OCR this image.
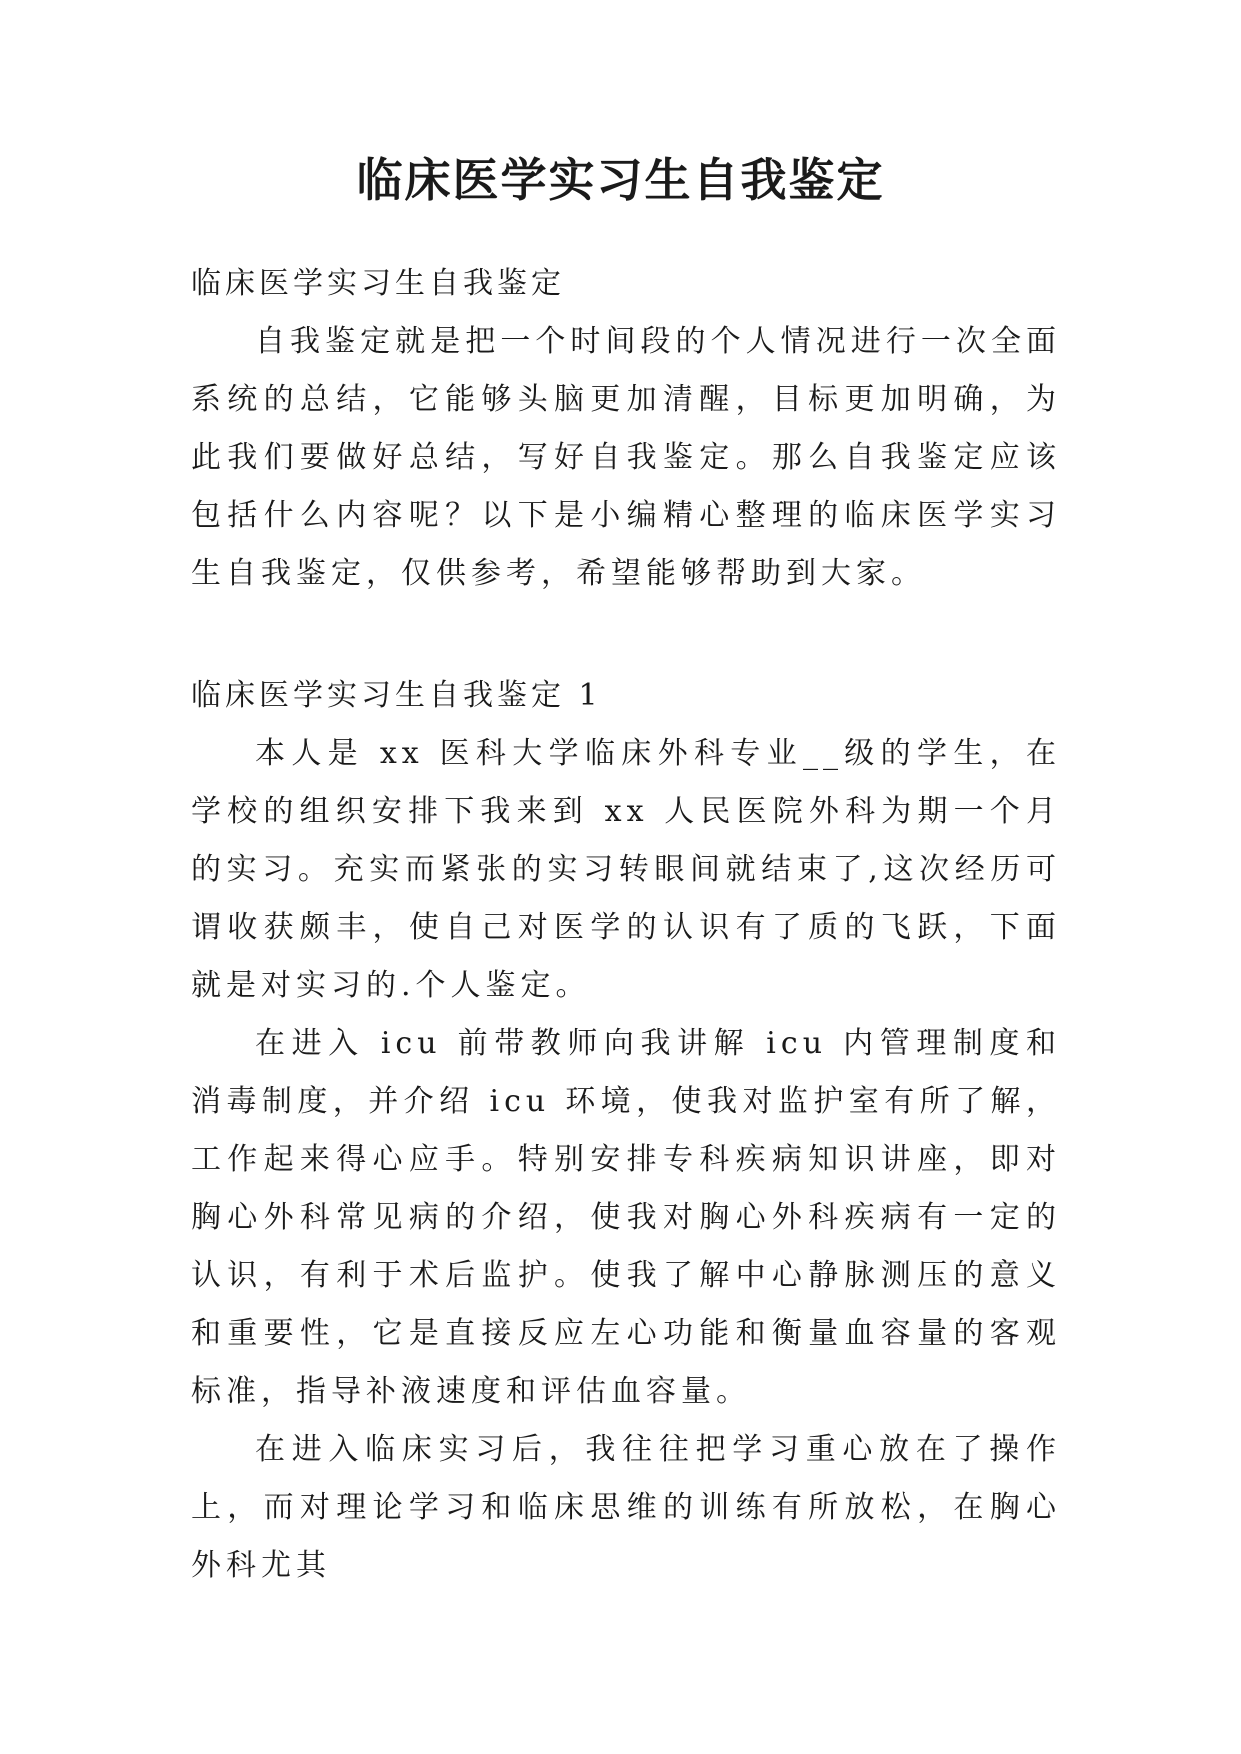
临床医学实习生自我鉴定

临床医学实习生自我鉴定

自我鉴定就是把一个时间段的个人情况进行一次全面系统的总结，它能够头脑更加清醒，目标更加明确，为此我们要做好总结，写好自我鉴定。那么自我鉴定应该包括什么内容呢？以下是小编精心整理的临床医学实习生自我鉴定，仅供参考，希望能够帮助到大家。

临床医学实习生自我鉴定 1

本人是 xx 医科大学临床外科专业__级的学生，在学校的组织安排下我来到 xx 人民医院外科为期一个月的实习。充实而紧张的实习转眼间就结束了,这次经历可谓收获颇丰，使自己对医学的认识有了质的飞跃，下面就是对实习的.个人鉴定。

在进入 icu 前带教师向我讲解 icu 内管理制度和消毒制度，并介绍 icu 环境，使我对监护室有所了解，工作起来得心应手。特别安排专科疾病知识讲座，即对胸心外科常见病的介绍，使我对胸心外科疾病有一定的认识，有利于术后监护。使我了解中心静脉测压的意义和重要性，它是直接反应左心功能和衡量血容量的客观标准，指导补液速度和评估血容量。

在进入临床实习后，我往往把学习重心放在了操作上，而对理论学习和临床思维的训练有所放松，在胸心外科尤其
